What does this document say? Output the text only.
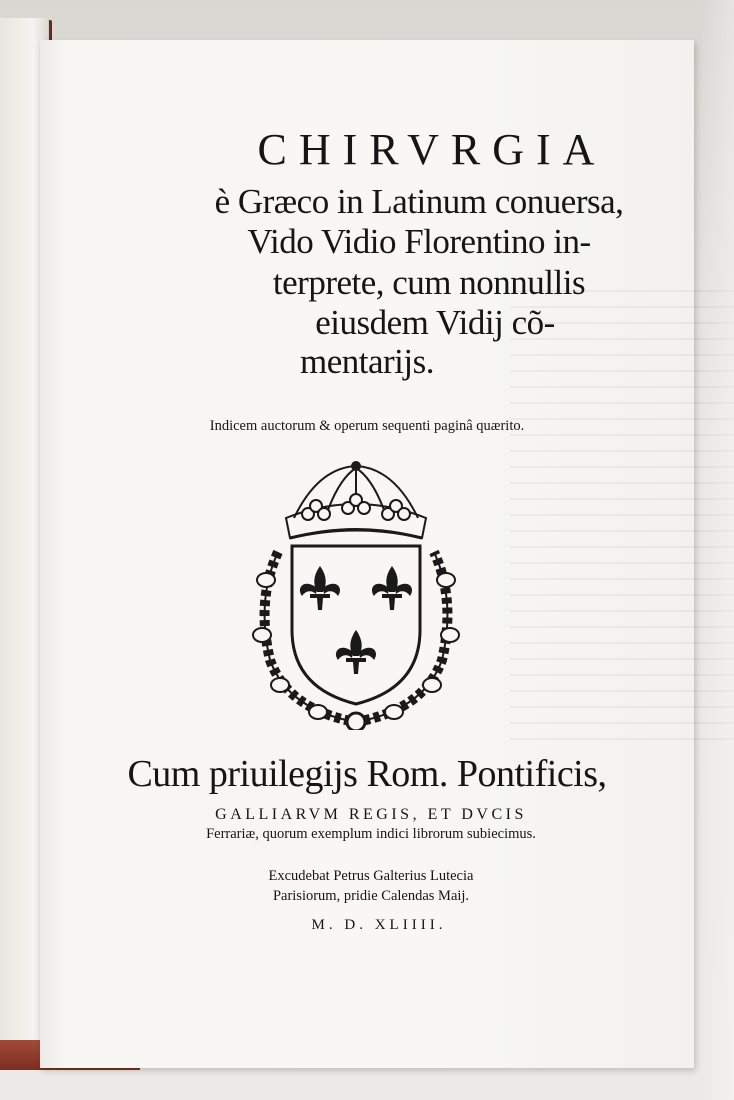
CHIRVRGIA
è Græco in Latinum conuersa,
Vido Vidio Florentino in-
terprete, cum nonnullis
eiusdem Vidij cõ-
mentarijs.
Indicem auctorum & operum sequenti paginâ quærito.
Cum priuilegijs Rom. Pontificis,
GALLIARVM REGIS, ET DVCIS
Ferrariæ, quorum exemplum indici librorum subiecimus.
Excudebat Petrus Galterius Lutecia
Parisiorum, pridie Calendas Maij.
M. D. XLIIII.
